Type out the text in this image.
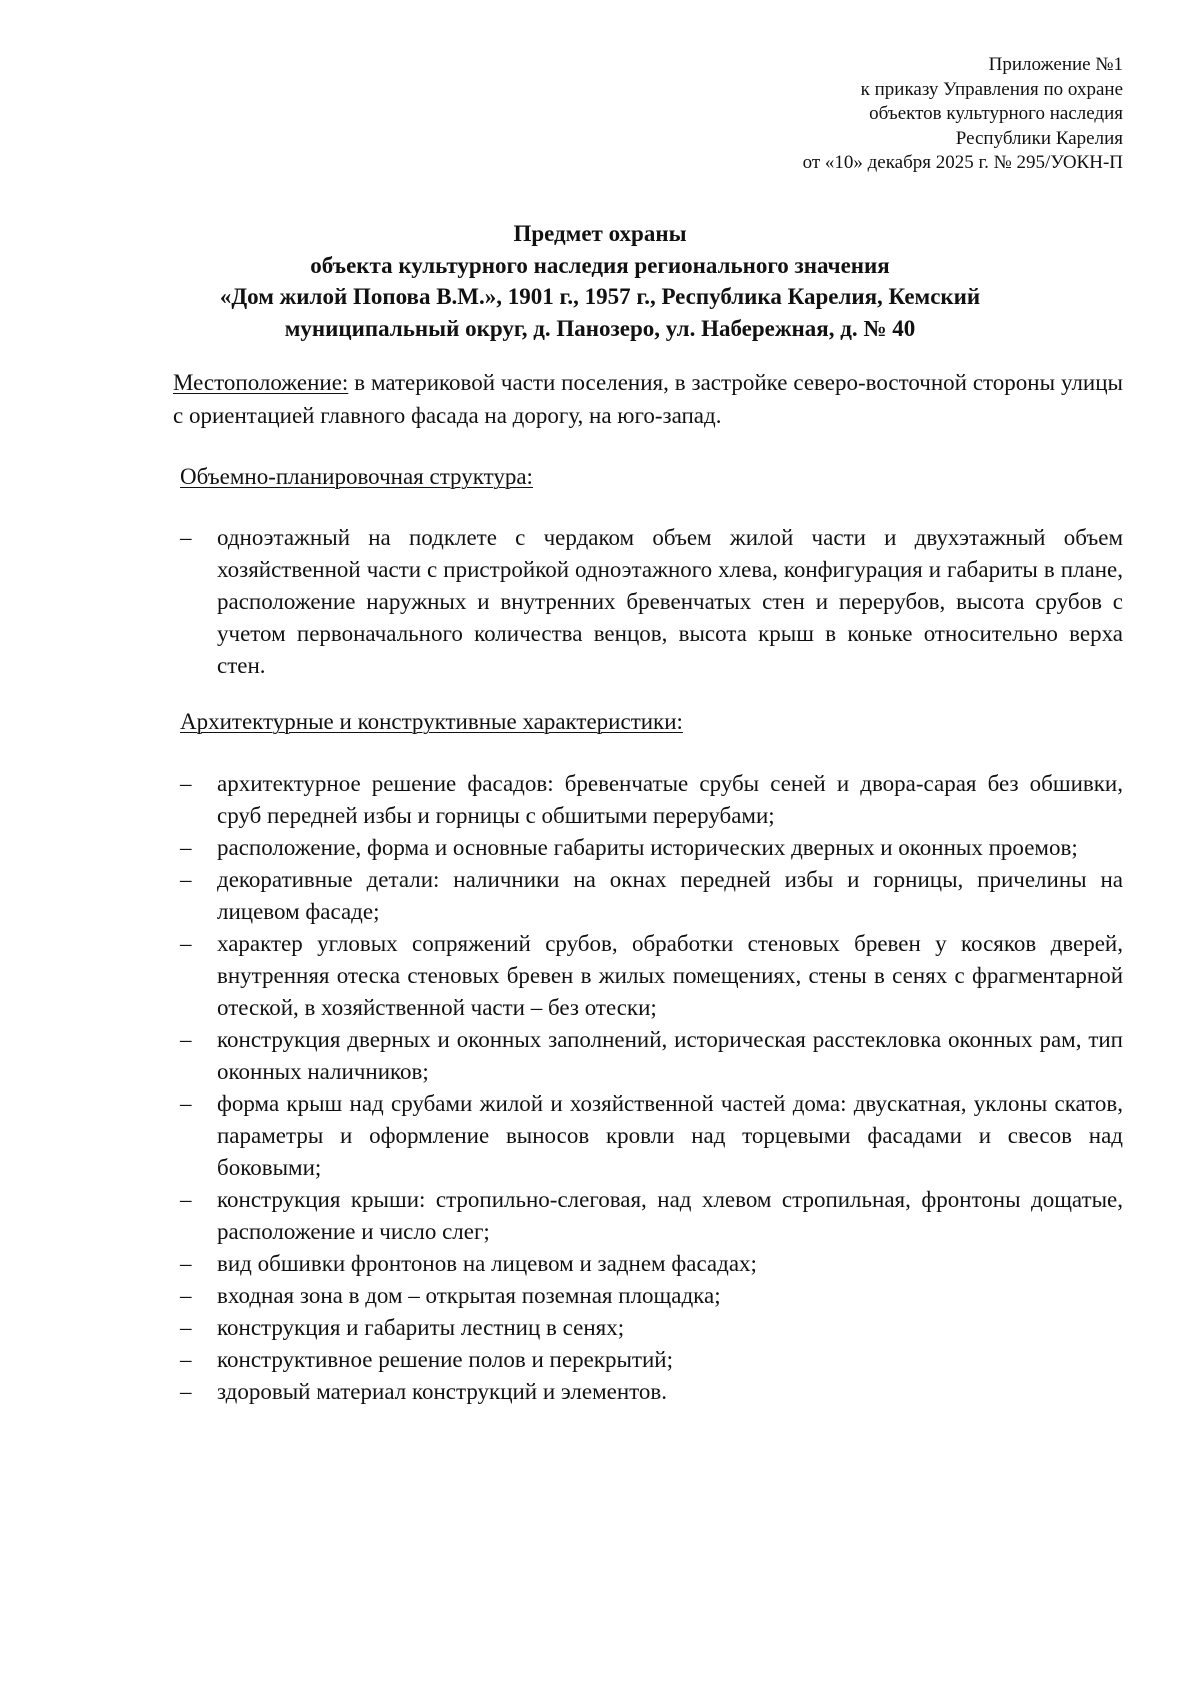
Приложение №1
к приказу Управления по охране
объектов культурного наследия
Республики Карелия
от «10» декабря 2025 г. № 295/УОКН-П
Предмет охраны
объекта культурного наследия регионального значения
«Дом жилой Попова В.М.», 1901 г., 1957 г., Республика Карелия, Кемский
муниципальный округ, д. Панозеро, ул. Набережная, д. № 40

Местоположение: в материковой части поселения, в застройке северо-восточной стороны улицы с ориентацией главного фасада на дорогу, на юго-запад.

Объемно-планировочная структура:
– одноэтажный на подклете с чердаком объем жилой части и двухэтажный объем хозяйственной части с пристройкой одноэтажного хлева, конфигурация и габариты в плане, расположение наружных и внутренних бревенчатых стен и перерубов, высота срубов с учетом первоначального количества венцов, высота крыш в коньке относительно верха стен.
Архитектурные и конструктивные характеристики:
– архитектурное решение фасадов: бревенчатые срубы сеней и двора-сарая без обшивки, сруб передней избы и горницы с обшитыми перерубами;
– расположение, форма и основные габариты исторических дверных и оконных проемов;
– декоративные детали: наличники на окнах передней избы и горницы, причелины на лицевом фасаде;
– характер угловых сопряжений срубов, обработки стеновых бревен у косяков дверей, внутренняя отеска стеновых бревен в жилых помещениях, стены в сенях с фрагментарной отеской, в хозяйственной части – без отески;
– конструкция дверных и оконных заполнений, историческая расстекловка оконных рам, тип оконных наличников;
– форма крыш над срубами жилой и хозяйственной частей дома: двускатная, уклоны скатов, параметры и оформление выносов кровли над торцевыми фасадами и свесов над боковыми;
– конструкция крыши: стропильно-слеговая, над хлевом стропильная, фронтоны дощатые, расположение и число слег;
– вид обшивки фронтонов на лицевом и заднем фасадах;
– входная зона в дом – открытая поземная площадка;
– конструкция и габариты лестниц в сенях;
– конструктивное решение полов и перекрытий;
– здоровый материал конструкций и элементов.
